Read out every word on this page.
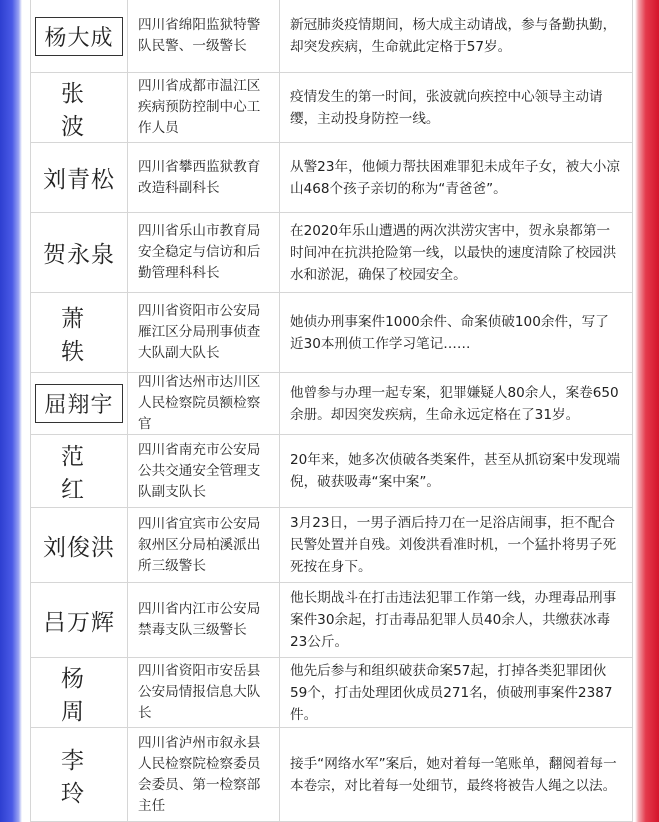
杨大成
四川省绵阳监狱特警队民警、一级警长
新冠肺炎疫情期间，杨大成主动请战，参与备勤执勤，却突发疾病，生命就此定格于57岁。
张波
四川省成都市温江区疾病预防控制中心工作人员
疫情发生的第一时间，张波就向疾控中心领导主动请缨，主动投身防控一线。
刘青松
四川省攀西监狱教育改造科副科长
从警23年，他倾力帮扶困难罪犯未成年子女，被大小凉山468个孩子亲切的称为“青爸爸”。
贺永泉
四川省乐山市教育局安全稳定与信访和后勤管理科科长
在2020年乐山遭遇的两次洪涝灾害中，贺永泉都第一时间冲在抗洪抢险第一线，以最快的速度清除了校园洪水和淤泥，确保了校园安全。
萧轶
四川省资阳市公安局雁江区分局刑事侦查大队副大队长
她侦办刑事案件1000余件、命案侦破100余件，写了近30本刑侦工作学习笔记……
屈翔宇
四川省达州市达川区人民检察院员额检察官
他曾参与办理一起专案，犯罪嫌疑人80余人，案卷650余册。却因突发疾病，生命永远定格在了31岁。
范红
四川省南充市公安局公共交通安全管理支队副支队长
20年来，她多次侦破各类案件，甚至从抓窃案中发现端倪，破获吸毒“案中案”。
刘俊洪
四川省宜宾市公安局叙州区分局柏溪派出所三级警长
3月23日，一男子酒后持刀在一足浴店闹事，拒不配合民警处置并自残。刘俊洪看准时机，一个猛扑将男子死死按在身下。
吕万辉
四川省内江市公安局禁毒支队三级警长
他长期战斗在打击违法犯罪工作第一线，办理毒品刑事案件30余起，打击毒品犯罪人员40余人，共缴获冰毒23公斤。
杨周
四川省资阳市安岳县公安局情报信息大队长
他先后参与和组织破获命案57起，打掉各类犯罪团伙59个，打击处理团伙成员271名，侦破刑事案件2387件。
李玲
四川省泸州市叙永县人民检察院检察委员会委员、第一检察部主任
接手“网络水军”案后，她对着每一笔账单，翻阅着每一本卷宗，对比着每一处细节，最终将被告人绳之以法。
